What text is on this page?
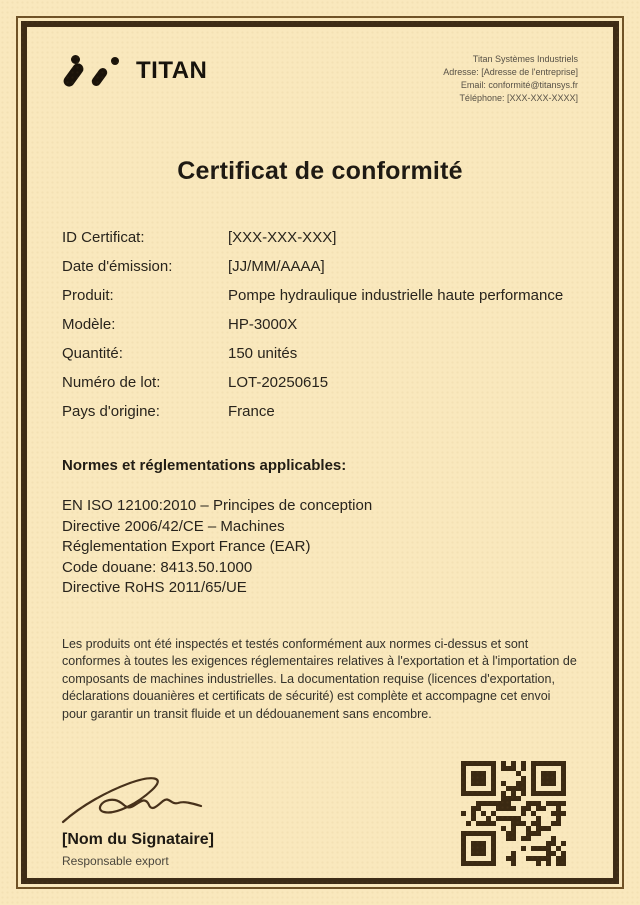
TITAN	Titan Systèmes Industriels
Adresse: [Adresse de l'entreprise]
Email: conformité@titansys.fr
Téléphone: [XXX-XXX-XXXX]
Certificat de conformité
ID Certificat:	[XXX-XXX-XXX]
Date d'émission:	[JJ/MM/AAAA]
Produit:	Pompe hydraulique industrielle haute performance
Modèle:	HP-3000X
Quantité:	150 unités
Numéro de lot:	LOT-20250615
Pays d'origine:	France
Normes et réglementations applicables:
EN ISO 12100:2010 – Principes de conception
Directive 2006/42/CE – Machines
Réglementation Export France (EAR)
Code douane: 8413.50.1000
Directive RoHS 2011/65/UE
Les produits ont été inspectés et testés conformément aux normes ci-dessus et sont conformes à toutes les exigences réglementaires relatives à l'exportation et à l'importation de composants de machines industrielles. La documentation requise (licences d'exportation, déclarations douanières et certificats de sécurité) est complète et accompagne cet envoi pour garantir un transit fluide et un dédouanement sans encombre.
[Nom du Signataire]
Responsable export
